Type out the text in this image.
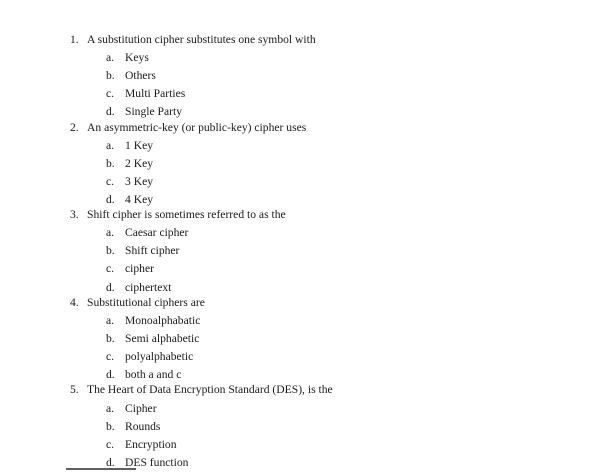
1. A substitution cipher substitutes one symbol with
a. Keys
b. Others
c. Multi Parties
d. Single Party
2. An asymmetric-key (or public-key) cipher uses
a. 1 Key
b. 2 Key
c. 3 Key
d. 4 Key
3. Shift cipher is sometimes referred to as the
a. Caesar cipher
b. Shift cipher
c. cipher
d. ciphertext
4. Substitutional ciphers are
a. Monoalphabatic
b. Semi alphabetic
c. polyalphabetic
d. both a and c
5. The Heart of Data Encryption Standard (DES), is the
a. Cipher
b. Rounds
c. Encryption
d. DES function
